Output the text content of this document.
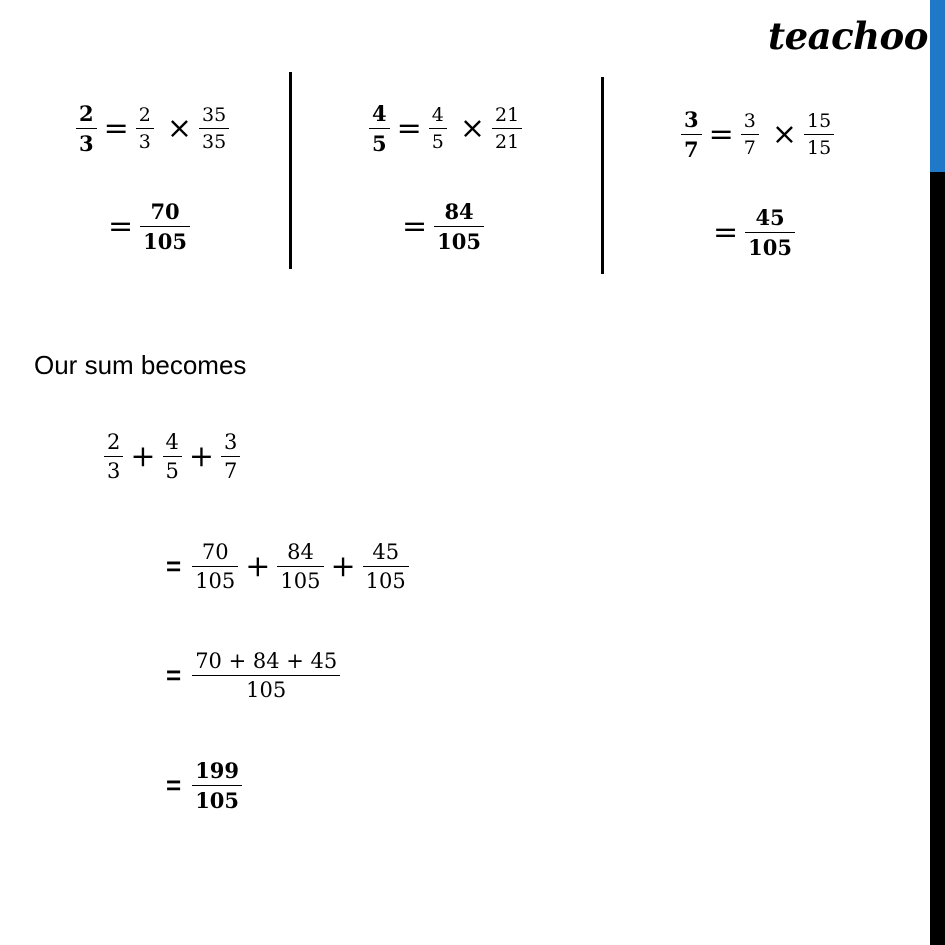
teachoo
$\frac{2}{3} = \frac{2}{3} \times \frac{35}{35}$
= $\frac{70}{105}$
$\frac{4}{5} = \frac{4}{5} \times \frac{21}{21}$
= $\frac{84}{105}$
$\frac{3}{7} = \frac{3}{7} \times \frac{15}{15}$
= $\frac{45}{105}$
Our sum becomes
$\frac{2}{3} + \frac{4}{5} + \frac{3}{7}$
= $\frac{70}{105} + \frac{84}{105} + \frac{45}{105}$
= $\frac{70 + 84 + 45}{105}$
= $\frac{199}{105}$
